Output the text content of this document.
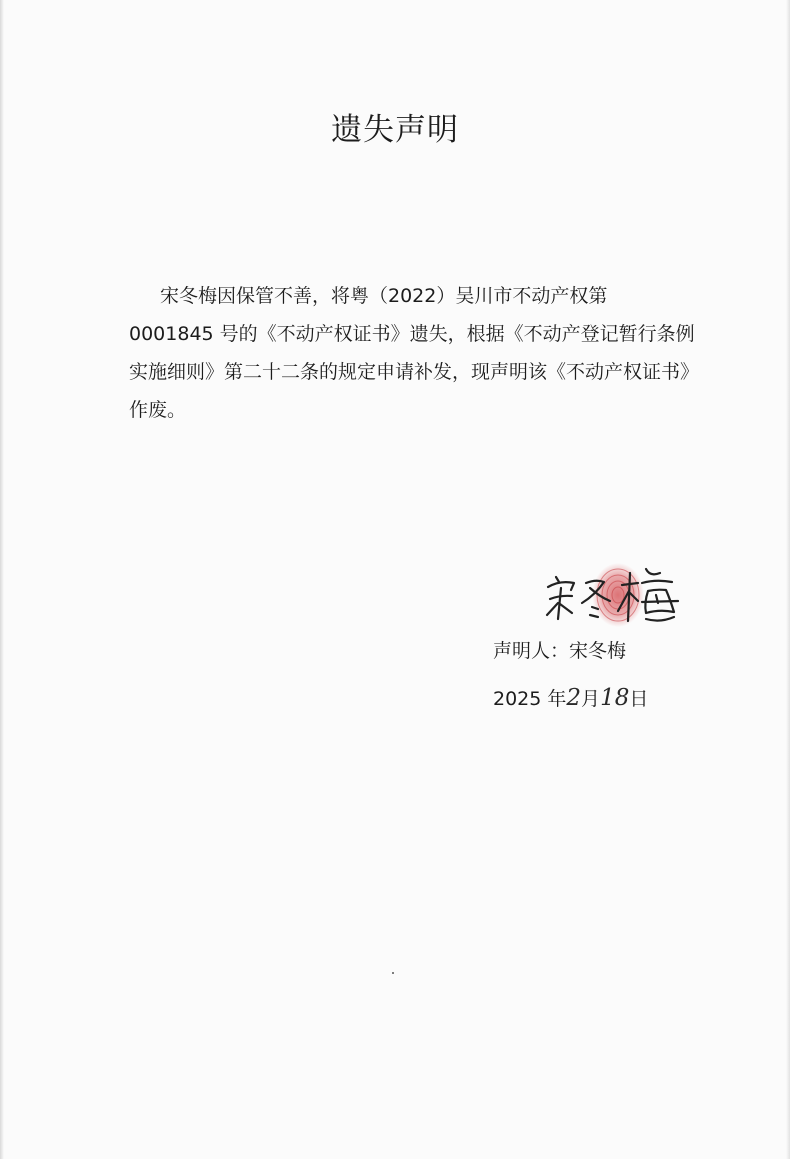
遗失声明

宋冬梅因保管不善，将粤（2022）吴川市不动产权第

0001845 号的《不动产权证书》遗失，根据《不动产登记暂行条例

实施细则》第二十二条的规定申请补发，现声明该《不动产权证书》

作废。

声明人：宋冬梅
2025 年2月18日
